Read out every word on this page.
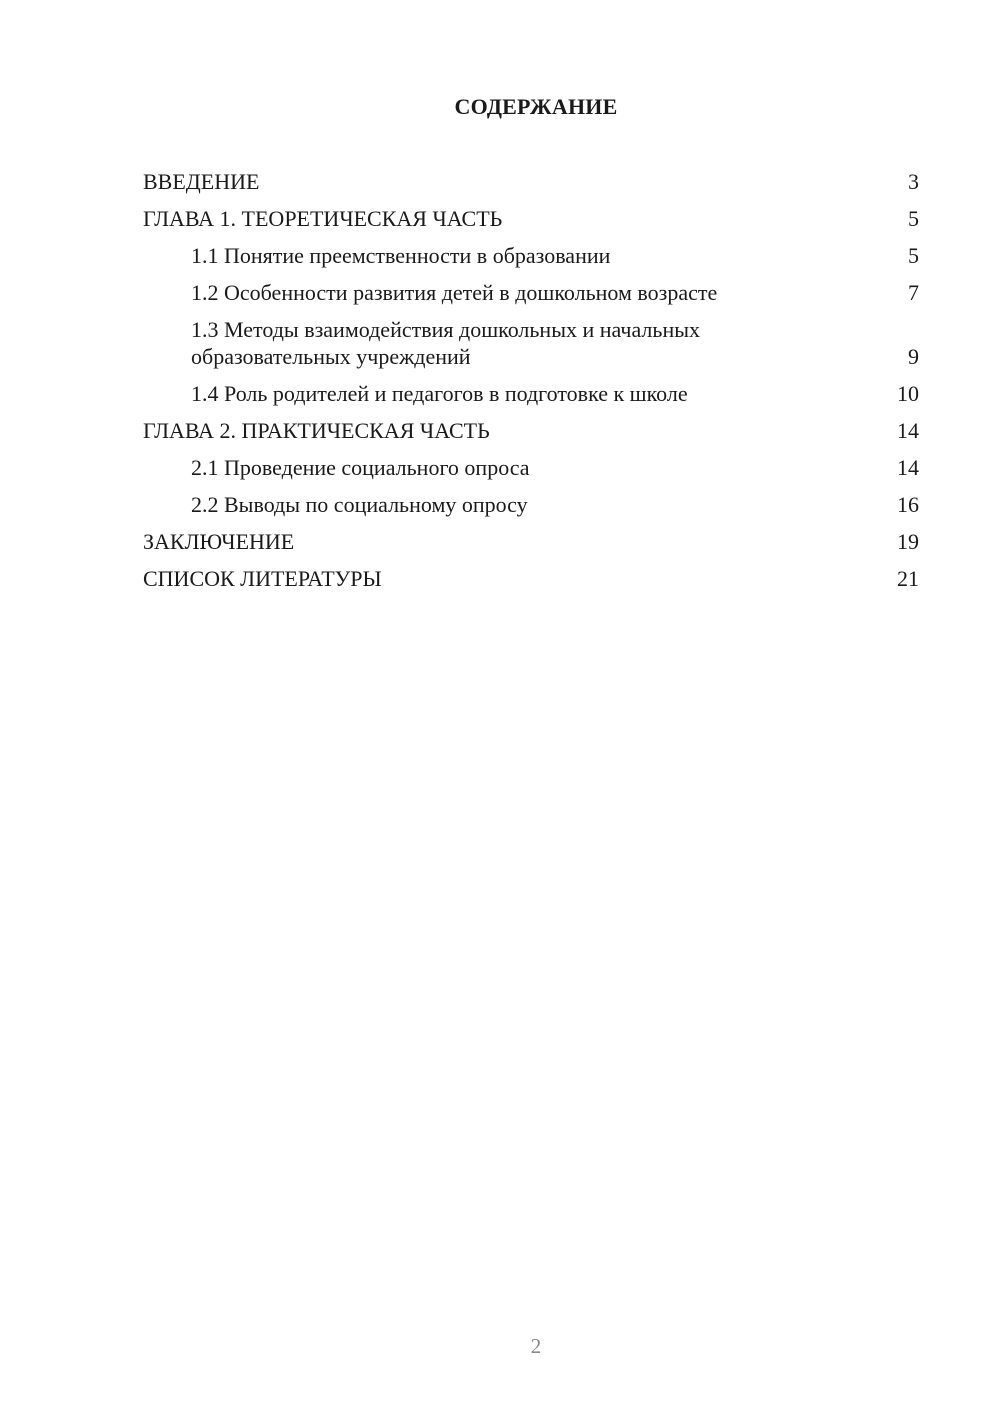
СОДЕРЖАНИЕ
ВВЕДЕНИЕ	3
ГЛАВА 1. ТЕОРЕТИЧЕСКАЯ ЧАСТЬ	5
1.1 Понятие преемственности в образовании	5
1.2 Особенности развития детей в дошкольном возрасте	7
1.3 Методы взаимодействия дошкольных и начальных образовательных учреждений	9
1.4 Роль родителей и педагогов в подготовке к школе	10
ГЛАВА 2. ПРАКТИЧЕСКАЯ ЧАСТЬ	14
2.1 Проведение социального опроса	14
2.2 Выводы по социальному опросу	16
ЗАКЛЮЧЕНИЕ	19
СПИСОК ЛИТЕРАТУРЫ	21
2
